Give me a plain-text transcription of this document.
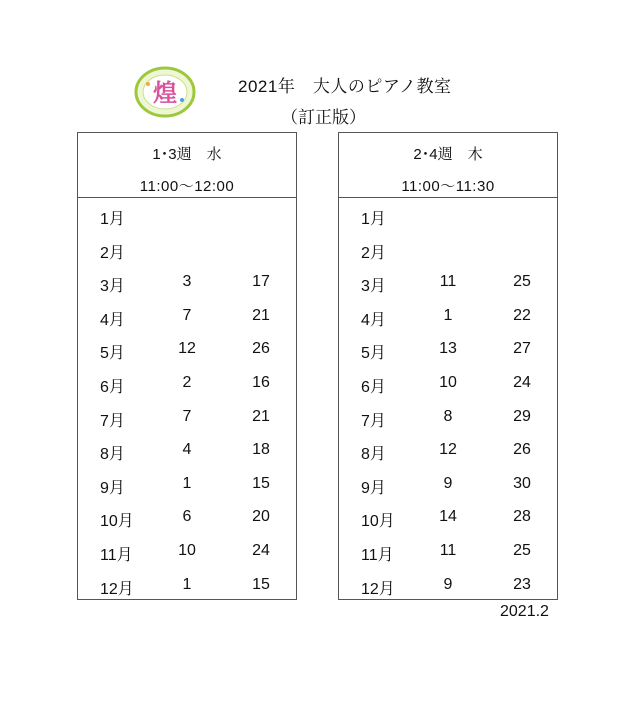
煌	2021年　大人のピアノ教室
（訂正版）
1･3週　水
11:00〜12:00
1月
2月
3月	3	17
4月	7	21
5月	12	26
6月	2	16
7月	7	21
8月	4	18
9月	1	15
10月	6	20
11月	10	24
12月	1	15
2･4週　木
11:00〜11:30
1月
2月
3月	11	25
4月	1	22
5月	13	27
6月	10	24
7月	8	29
8月	12	26
9月	9	30
10月	14	28
11月	11	25
12月	9	23
2021.2
